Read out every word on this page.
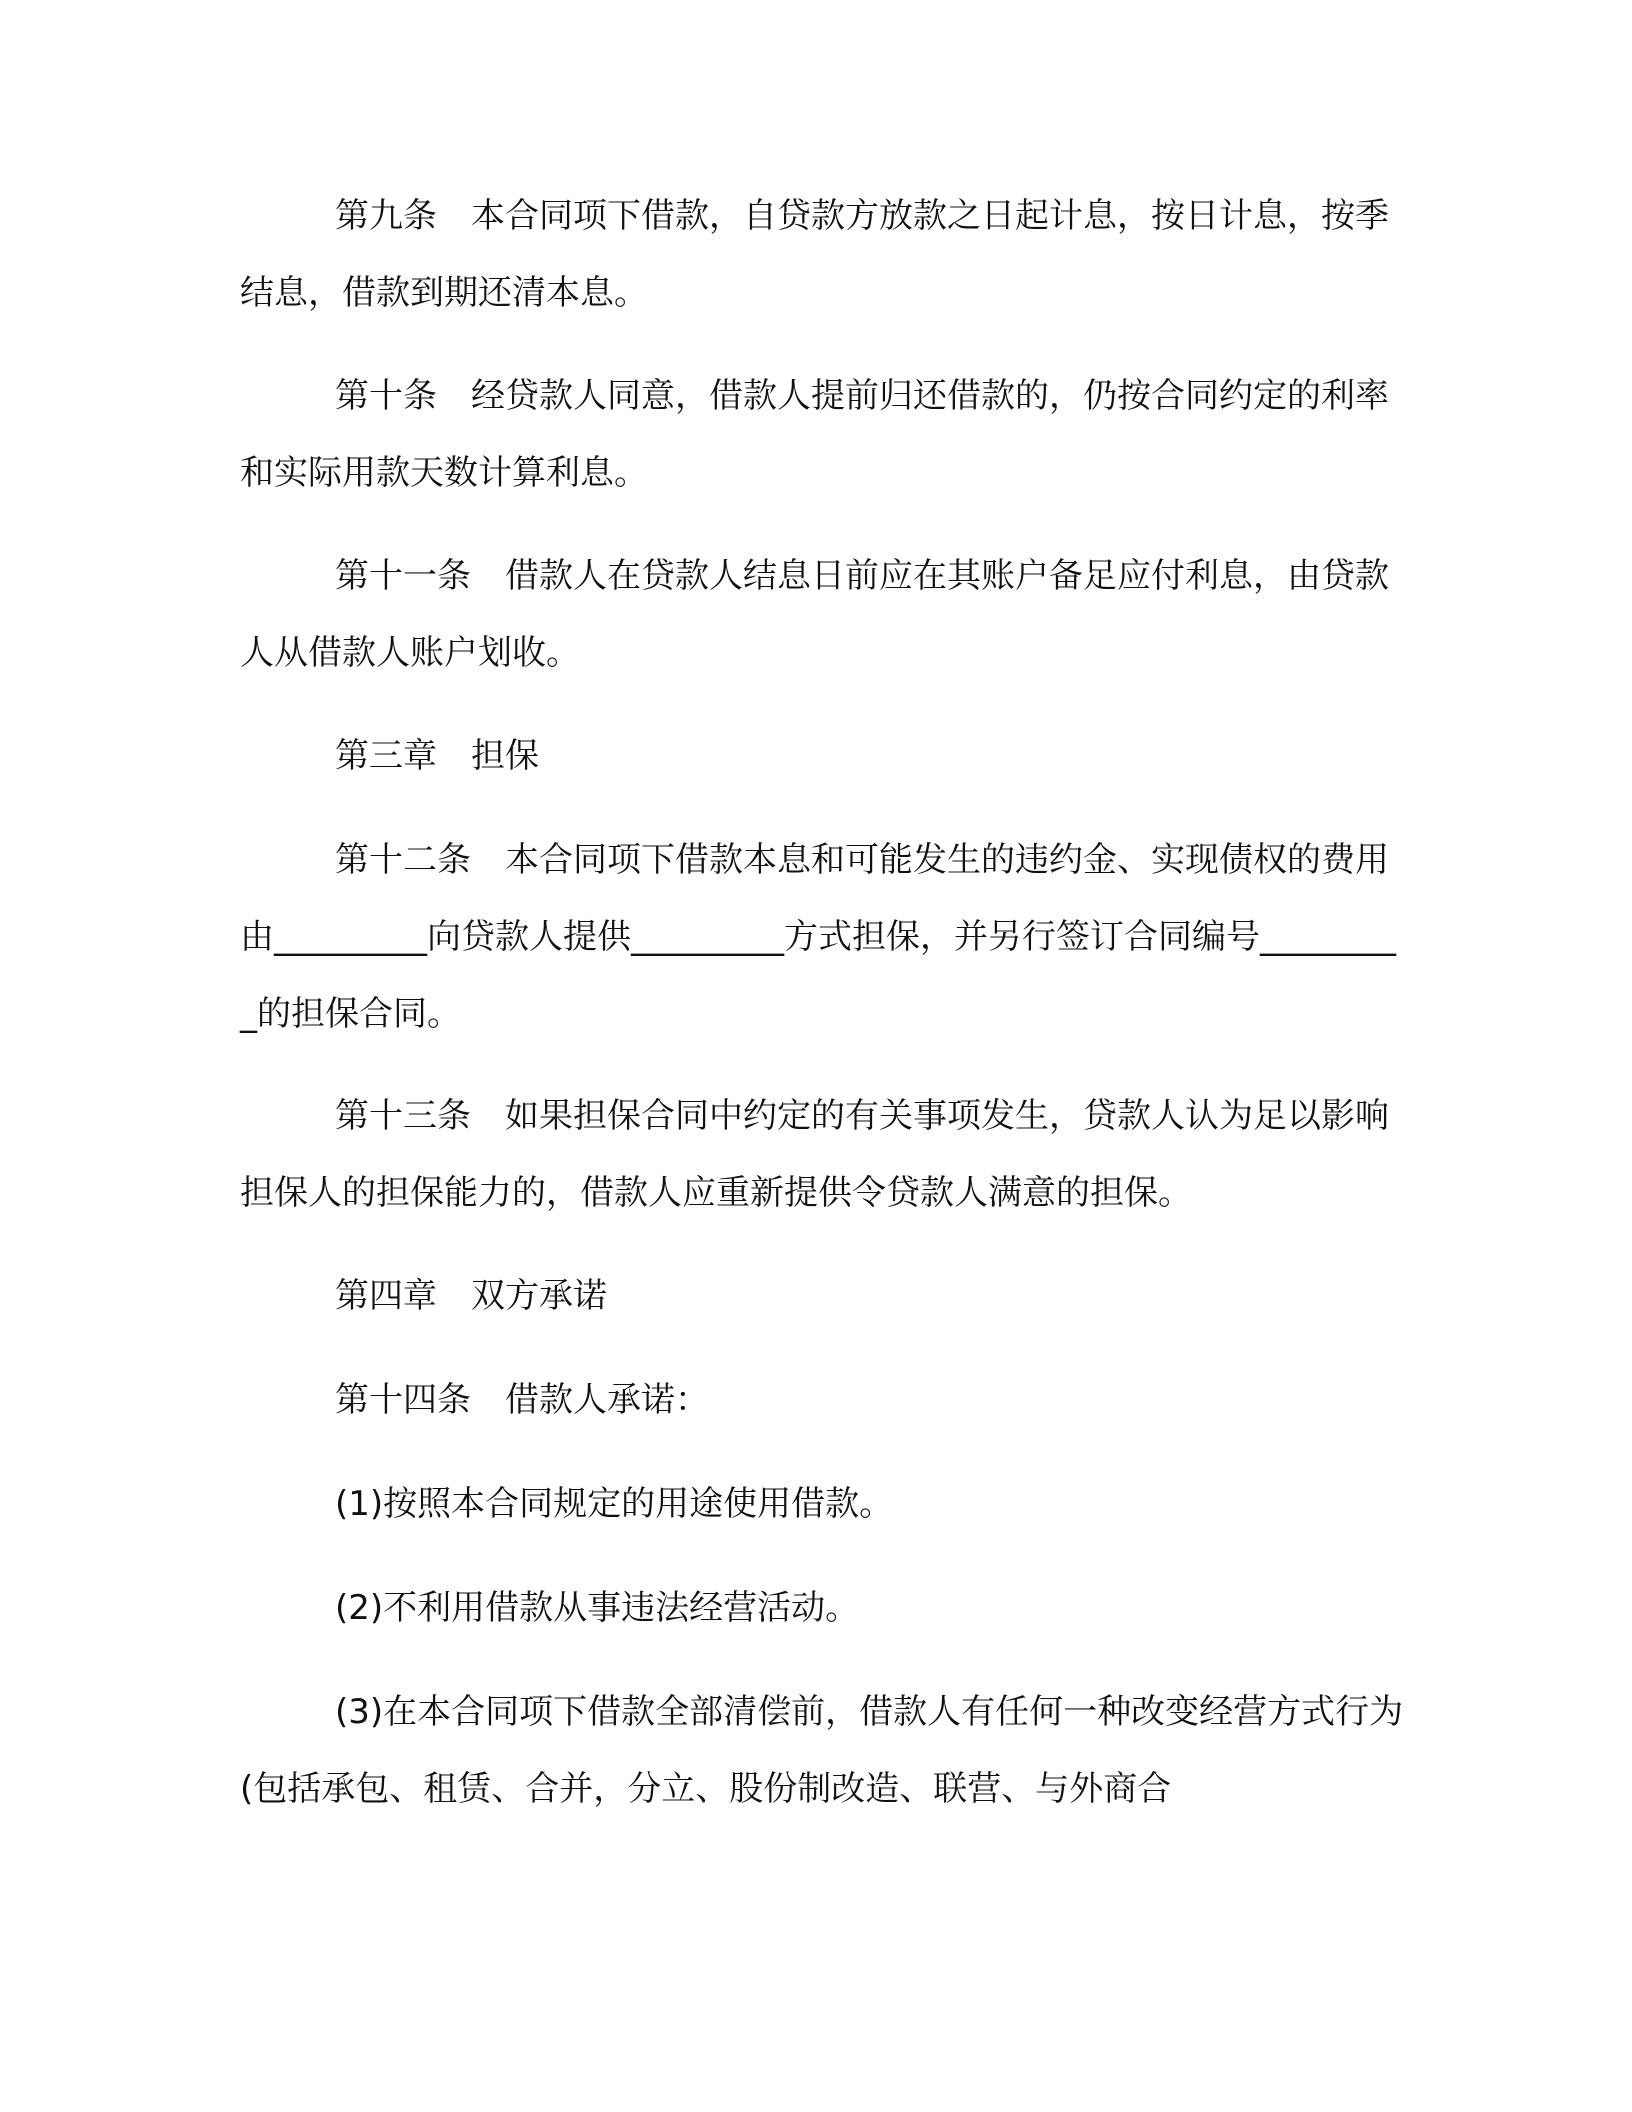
第九条　本合同项下借款，自贷款方放款之日起计息，按日计息，按季结息，借款到期还清本息。

第十条　经贷款人同意，借款人提前归还借款的，仍按合同约定的利率和实际用款天数计算利息。

第十一条　借款人在贷款人结息日前应在其账户备足应付利息，由贷款人从借款人账户划收。

第三章　担保

第十二条　本合同项下借款本息和可能发生的违约金、实现债权的费用由_________向贷款人提供_________方式担保，并另行签订合同编号_________的担保合同。

第十三条　如果担保合同中约定的有关事项发生，贷款人认为足以影响担保人的担保能力的，借款人应重新提供令贷款人满意的担保。

第四章　双方承诺

第十四条　借款人承诺：

(1)按照本合同规定的用途使用借款。

(2)不利用借款从事违法经营活动。

(3)在本合同项下借款全部清偿前，借款人有任何一种改变经营方式行为(包括承包、租赁、合并，分立、股份制改造、联营、与外商合
